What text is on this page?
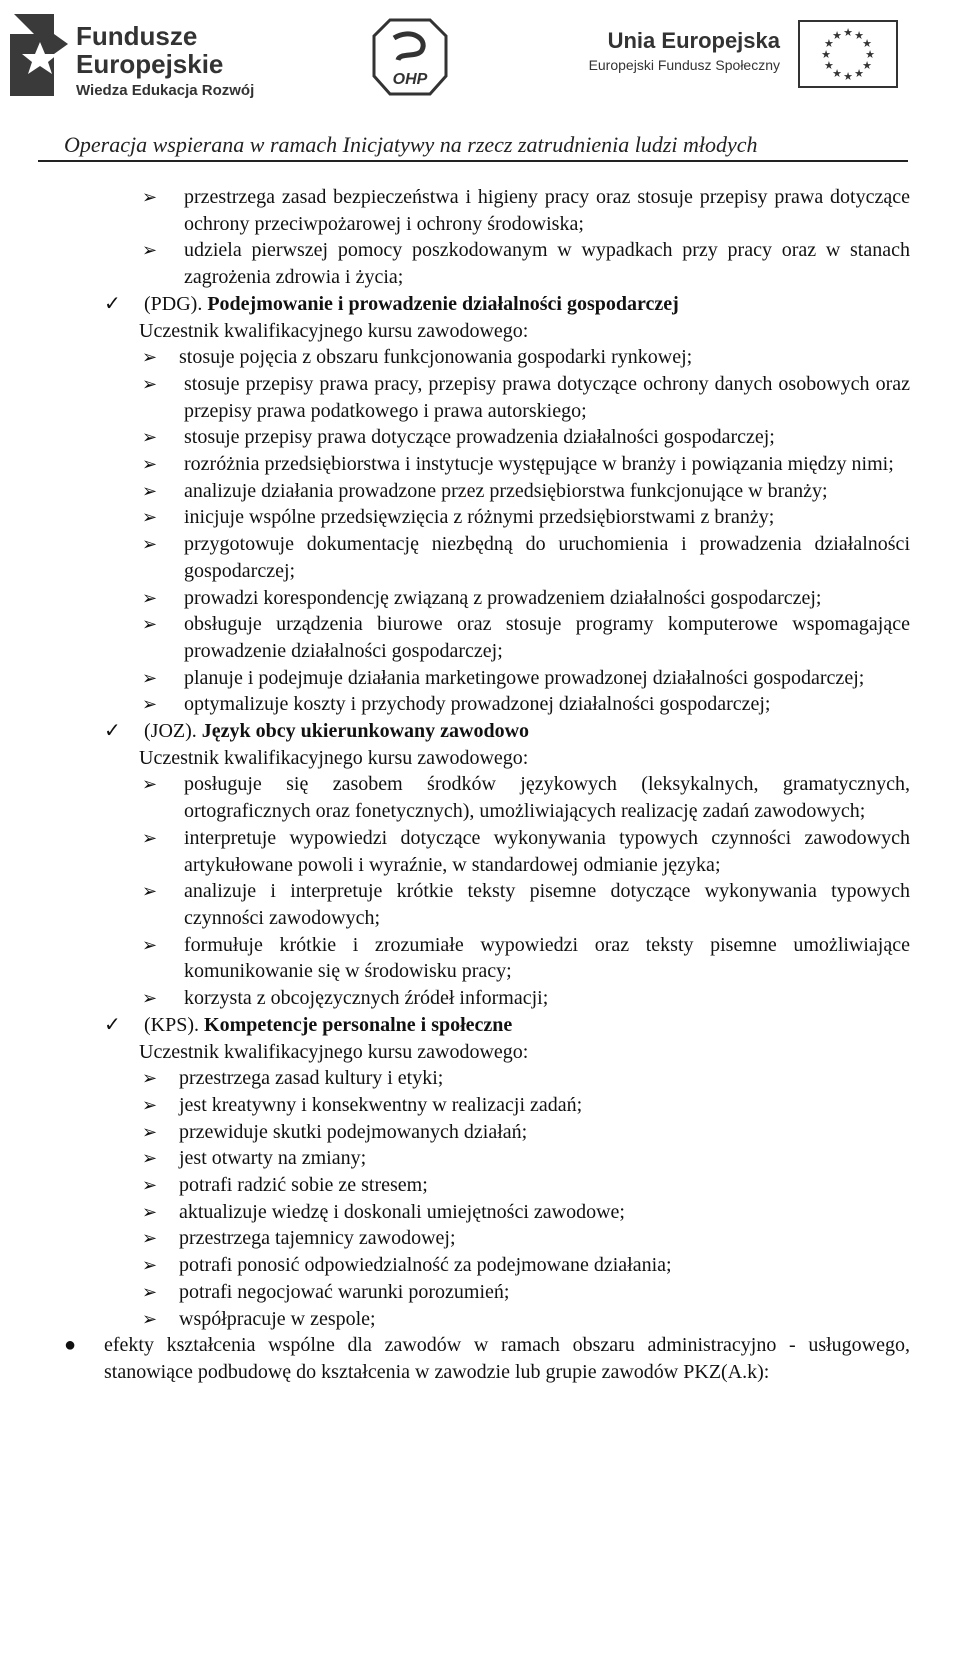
Fundusze
Europejskie
Wiedza Edukacja Rozwój
OHP
Unia Europejska
Europejski Fundusz Społeczny
★ ★
★
★
★
★
★
★
★
★
★
★
Operacja wspierana w ramach Inicjatywy na rzecz zatrudnienia ludzi młodych
➢ przestrzega zasad bezpieczeństwa i higieny pracy oraz stosuje przepisy prawa dotyczące ochrony przeciwpożarowej i ochrony środowiska;
➢ udziela pierwszej pomocy poszkodowanym w wypadkach przy pracy oraz w stanach zagrożenia zdrowia i życia;
✓ (PDG). Podejmowanie i prowadzenie działalności gospodarczej
Uczestnik kwalifikacyjnego kursu zawodowego:
➢ stosuje pojęcia z obszaru funkcjonowania gospodarki rynkowej;
➢ stosuje przepisy prawa pracy, przepisy prawa dotyczące ochrony danych osobowych oraz przepisy prawa podatkowego i prawa autorskiego;
➢ stosuje przepisy prawa dotyczące prowadzenia działalności gospodarczej;
➢ rozróżnia przedsiębiorstwa i instytucje występujące w branży i powiązania między nimi;
➢ analizuje działania prowadzone przez przedsiębiorstwa funkcjonujące w branży;
➢ inicjuje wspólne przedsięwzięcia z różnymi przedsiębiorstwami z branży;
➢ przygotowuje dokumentację niezbędną do uruchomienia i prowadzenia działalności gospodarczej;
➢ prowadzi korespondencję związaną z prowadzeniem działalności gospodarczej;
➢ obsługuje urządzenia biurowe oraz stosuje programy komputerowe wspomagające prowadzenie działalności gospodarczej;
➢ planuje i podejmuje działania marketingowe prowadzonej działalności gospodarczej;
➢ optymalizuje koszty i przychody prowadzonej działalności gospodarczej;
✓ (JOZ). Język obcy ukierunkowany zawodowo
Uczestnik kwalifikacyjnego kursu zawodowego:
➢ posługuje się zasobem środków językowych (leksykalnych, gramatycznych, ortograficznych oraz fonetycznych), umożliwiających realizację zadań zawodowych;
➢ interpretuje wypowiedzi dotyczące wykonywania typowych czynności zawodowych artykułowane powoli i wyraźnie, w standardowej odmianie języka;
➢ analizuje i interpretuje krótkie teksty pisemne dotyczące wykonywania typowych czynności zawodowych;
➢ formułuje krótkie i zrozumiałe wypowiedzi oraz teksty pisemne umożliwiające komunikowanie się w środowisku pracy;
➢ korzysta z obcojęzycznych źródeł informacji;
✓ (KPS). Kompetencje personalne i społeczne
Uczestnik kwalifikacyjnego kursu zawodowego:
➢ przestrzega zasad kultury i etyki;
➢ jest kreatywny i konsekwentny w realizacji zadań;
➢ przewiduje skutki podejmowanych działań;
➢ jest otwarty na zmiany;
➢ potrafi radzić sobie ze stresem;
➢ aktualizuje wiedzę i doskonali umiejętności zawodowe;
➢ przestrzega tajemnicy zawodowej;
➢ potrafi ponosić odpowiedzialność za podejmowane działania;
➢ potrafi negocjować warunki porozumień;
➢ współpracuje w zespole;
● efekty kształcenia wspólne dla zawodów w ramach obszaru administracyjno - usługowego, stanowiące podbudowę do kształcenia w zawodzie lub grupie zawodów PKZ(A.k):
